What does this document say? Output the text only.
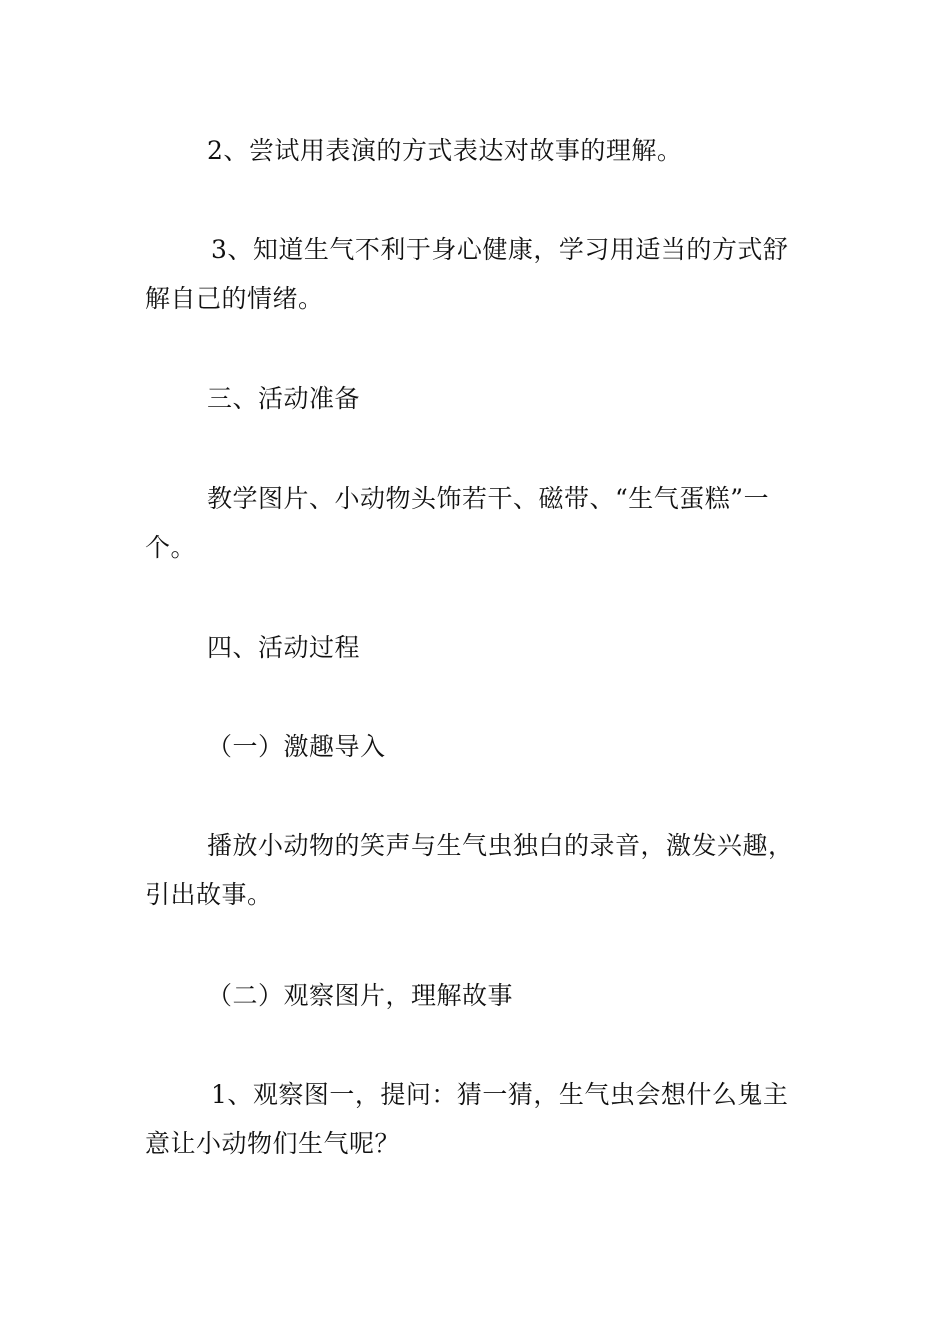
2、尝试用表演的方式表达对故事的理解。

3、知道生气不利于身心健康，学习用适当的方式舒解自己的情绪。

三、活动准备

教学图片、小动物头饰若干、磁带、“生气蛋糕”一个。

四、活动过程

（一）激趣导入

播放小动物的笑声与生气虫独白的录音，激发兴趣，引出故事。

（二）观察图片，理解故事

1、观察图一，提问：猜一猜，生气虫会想什么鬼主意让小动物们生气呢？
